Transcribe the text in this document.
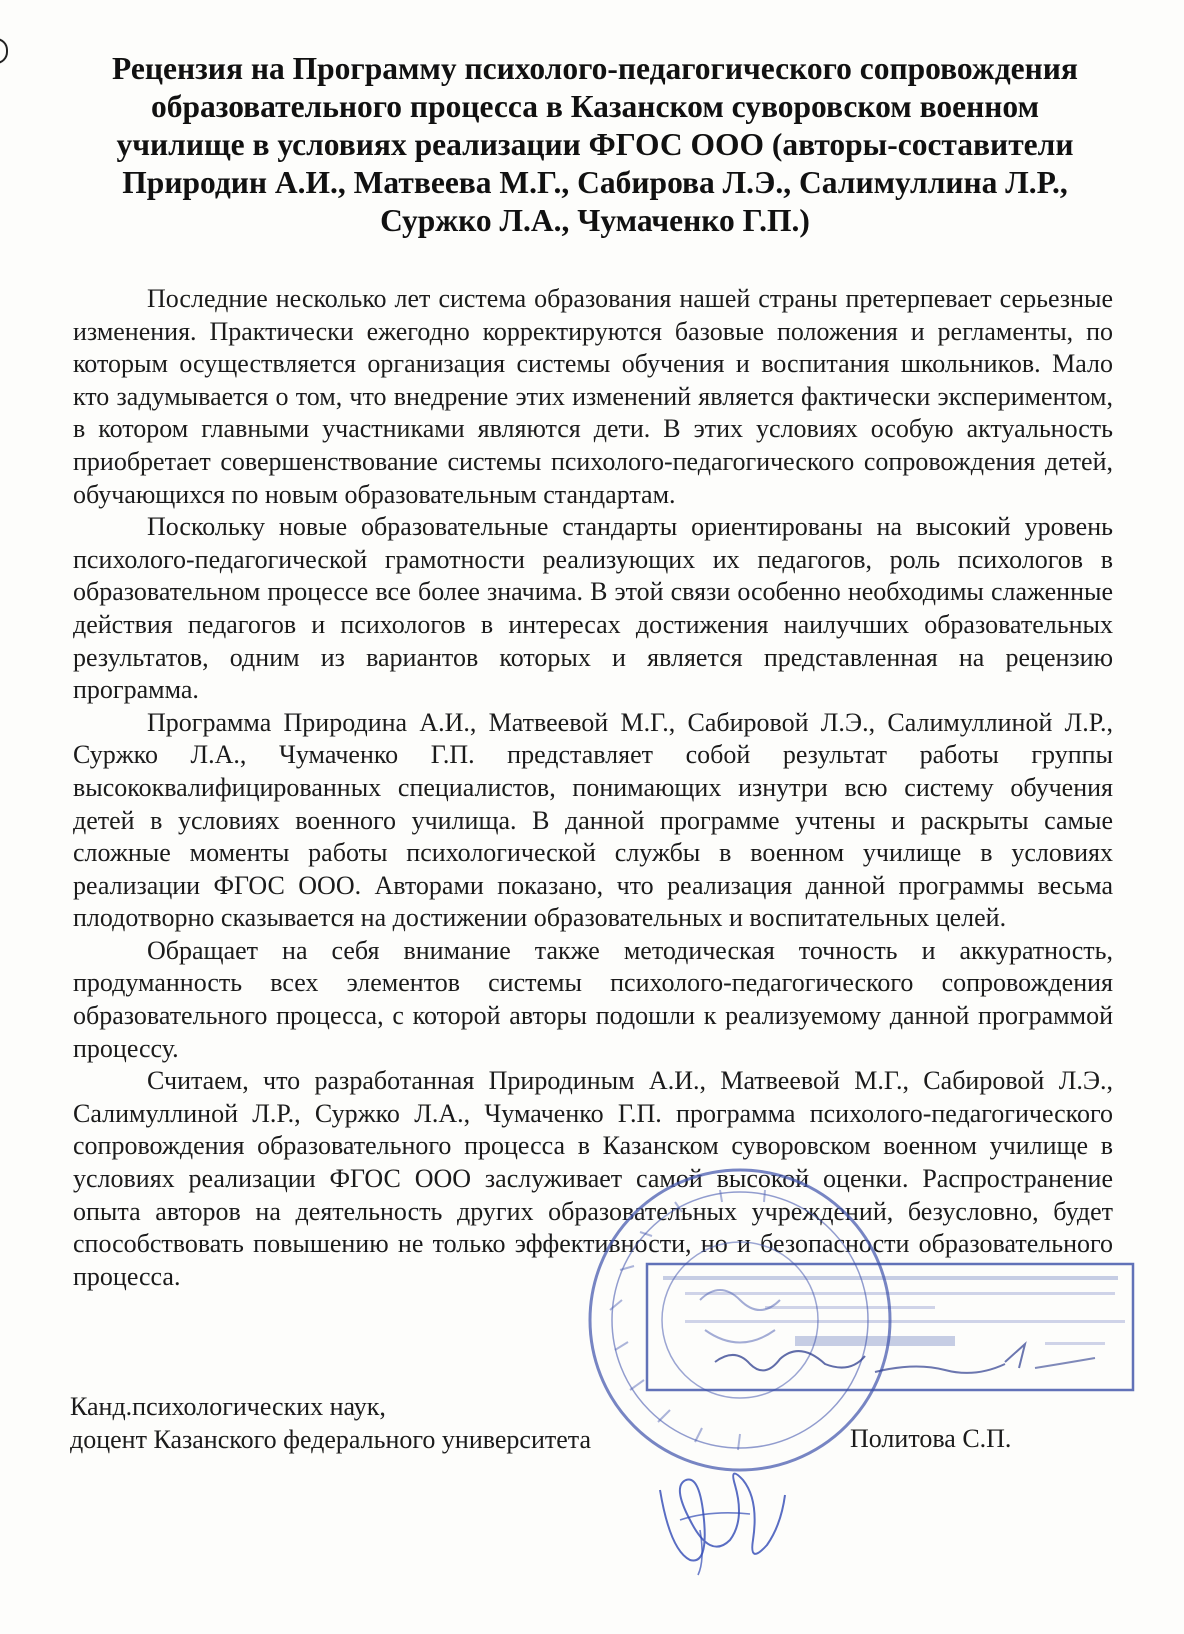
Рецензия на Программу психолого-педагогического сопровождения
образовательного процесса в Казанском суворовском военном
училище в условиях реализации ФГОС ООО (авторы-составители
Природин А.И., Матвеева М.Г., Сабирова Л.Э., Салимуллина Л.Р.,
Суржко Л.А., Чумаченко Г.П.)

Последние несколько лет система образования нашей страны претерпевает серьезные изменения. Практически ежегодно корректируются базовые положения и регламенты, по которым осуществляется организация системы обучения и воспитания школьников. Мало кто задумывается о том, что внедрение этих изменений является фактически экспериментом, в котором главными участниками являются дети. В этих условиях особую актуальность приобретает совершенствование системы психолого-педагогического сопровождения детей, обучающихся по новым образовательным стандартам.

Поскольку новые образовательные стандарты ориентированы на высокий уровень психолого-педагогической грамотности реализующих их педагогов, роль психологов в образовательном процессе все более значима. В этой связи особенно необходимы слаженные действия педагогов и психологов в интересах достижения наилучших образовательных результатов, одним из вариантов которых и является представленная на рецензию программа.

Программа Природина А.И., Матвеевой М.Г., Сабировой Л.Э., Салимуллиной Л.Р., Суржко Л.А., Чумаченко Г.П. представляет собой результат работы группы высококвалифицированных специалистов, понимающих изнутри всю систему обучения детей в условиях военного училища. В данной программе учтены и раскрыты самые сложные моменты работы психологической службы в военном училище в условиях реализации ФГОС ООО. Авторами показано, что реализация данной программы весьма плодотворно сказывается на достижении образовательных и воспитательных целей.

Обращает на себя внимание также методическая точность и аккуратность, продуманность всех элементов системы психолого-педагогического сопровождения образовательного процесса, с которой авторы подошли к реализуемому данной программой процессу.

Считаем, что разработанная Природиным А.И., Матвеевой М.Г., Сабировой Л.Э., Салимуллиной Л.Р., Суржко Л.А., Чумаченко Г.П. программа психолого-педагогического сопровождения образовательного процесса в Казанском суворовском военном училище в условиях реализации ФГОС ООО заслуживает самой высокой оценки. Распространение опыта авторов на деятельность других образовательных учреждений, безусловно, будет способствовать повышению не только эффективности, но и безопасности образовательного процесса.

Канд.психологических наук,
доцент Казанского федерального университета	Политова С.П.
